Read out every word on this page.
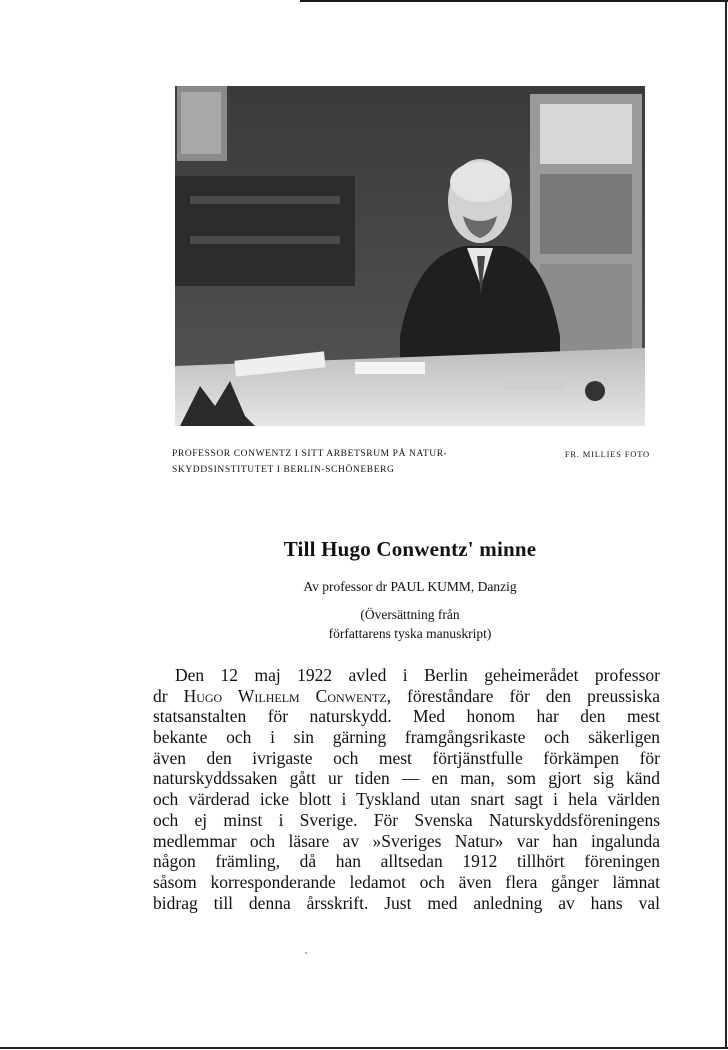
PROFESSOR CONWENTZ I SITT ARBETSRUM PÅ NATUR-
SKYDDSINSTITUTET I BERLIN-SCHÖNEBERG
FR. MILLIES FOTO
Till Hugo Conwentz' minne
Av professor dr PAUL KUMM, Danzig
(Översättning från
författarens tyska manuskript)
Den 12 maj 1922 avled i Berlin geheimerådet professor
dr Hugo Wilhelm Conwentz, föreståndare för den preussiska
statsanstalten för naturskydd. Med honom har den mest
bekante och i sin gärning framgångsrikaste och säkerligen
även den ivrigaste och mest förtjänstfulle förkämpen för
naturskyddssaken gått ur tiden — en man, som gjort sig känd
och värderad icke blott i Tyskland utan snart sagt i hela världen
och ej minst i Sverige. För Svenska Naturskyddsföreningens
medlemmar och läsare av »Sveriges Natur» var han ingalunda
någon främling, då han alltsedan 1912 tillhört föreningen
såsom korresponderande ledamot och även flera gånger lämnat
bidrag till denna årsskrift. Just med anledning av hans val
